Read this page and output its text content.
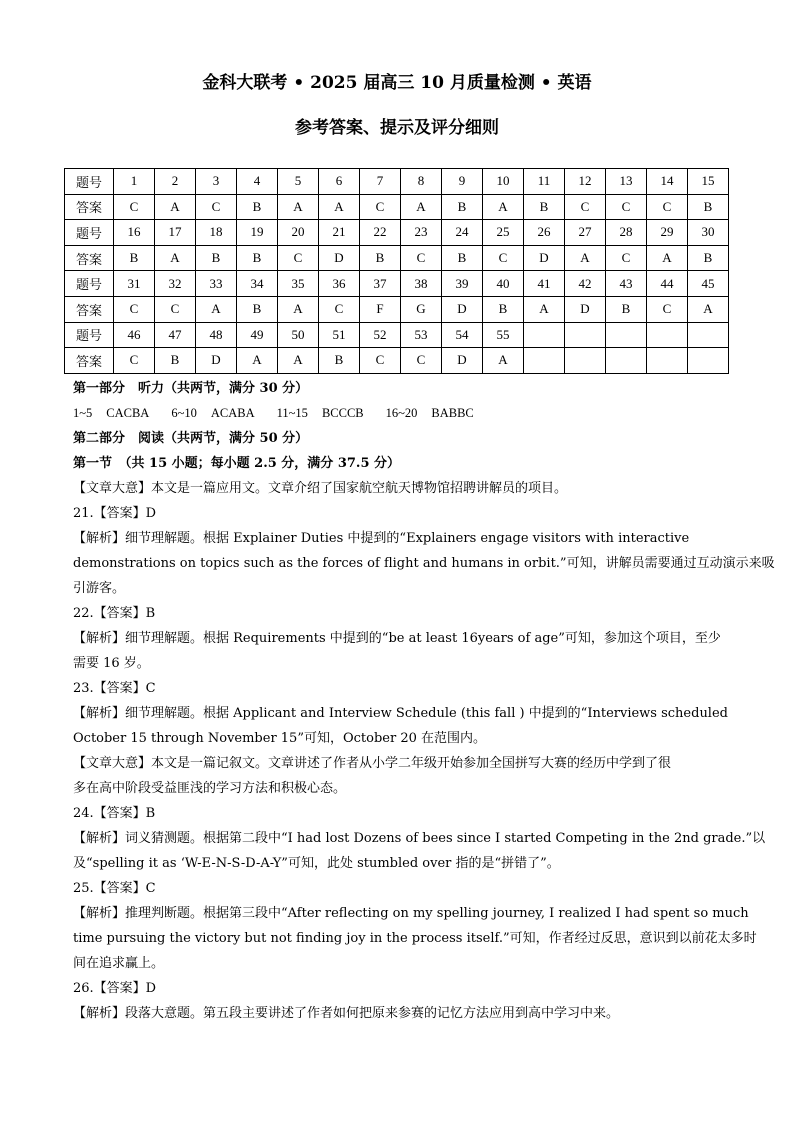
金科大联考 • 2025 届高三 10 月质量检测 • 英语
参考答案、提示及评分细则
题号	1	2	3	4	5	6	7	8	9	10	11	12	13	14	15
答案	C	A	C	B	A	A	C	A	B	A	B	C	C	C	B
题号	16	17	18	19	20	21	22	23	24	25	26	27	28	29	30
答案	B	A	B	B	C	D	B	C	B	C	D	A	C	A	B
题号	31	32	33	34	35	36	37	38	39	40	41	42	43	44	45
答案	C	C	A	B	A	C	F	G	D	B	A	D	B	C	A
题号	46	47	48	49	50	51	52	53	54	55					
答案	C	B	D	A	A	B	C	C	D	A					
第一部分　听力（共两节，满分 30 分）
1~5 CACBA 6~10 ACABA 11~15 BCCCB 16~20 BABBC
第二部分　阅读（共两节，满分 50 分）
第一节　（共 15 小题；每小题 2.5 分，满分 37.5 分）
【文章大意】本文是一篇应用文。文章介绍了国家航空航天博物馆招聘讲解员的项目。
21.【答案】D
【解析】细节理解题。根据 Explainer Duties 中提到的“Explainers engage visitors with interactive
demonstrations on topics such as the forces of flight and humans in orbit.”可知，讲解员需要通过互动演示来吸
引游客。
22.【答案】B
【解析】细节理解题。根据 Requirements 中提到的“be at least 16years of age”可知，参加这个项目，至少
需要 16 岁。
23.【答案】C
【解析】细节理解题。根据 Applicant and Interview Schedule (this fall ) 中提到的“Interviews scheduled
October 15 through November 15”可知，October 20 在范围内。
【文章大意】本文是一篇记叙文。文章讲述了作者从小学二年级开始参加全国拼写大赛的经历中学到了很
多在高中阶段受益匪浅的学习方法和积极心态。
24.【答案】B
【解析】词义猜测题。根据第二段中“I had lost Dozens of bees since I started Competing in the 2nd grade.”以
及“spelling it as ‘W-E-N-S-D-A-Y”可知，此处 stumbled over 指的是“拼错了”。
25.【答案】C
【解析】推理判断题。根据第三段中“After reflecting on my spelling journey, I realized I had spent so much
time pursuing the victory but not finding joy in the process itself.”可知，作者经过反思，意识到以前花太多时
间在追求赢上。
26.【答案】D
【解析】段落大意题。第五段主要讲述了作者如何把原来参赛的记忆方法应用到高中学习中来。
